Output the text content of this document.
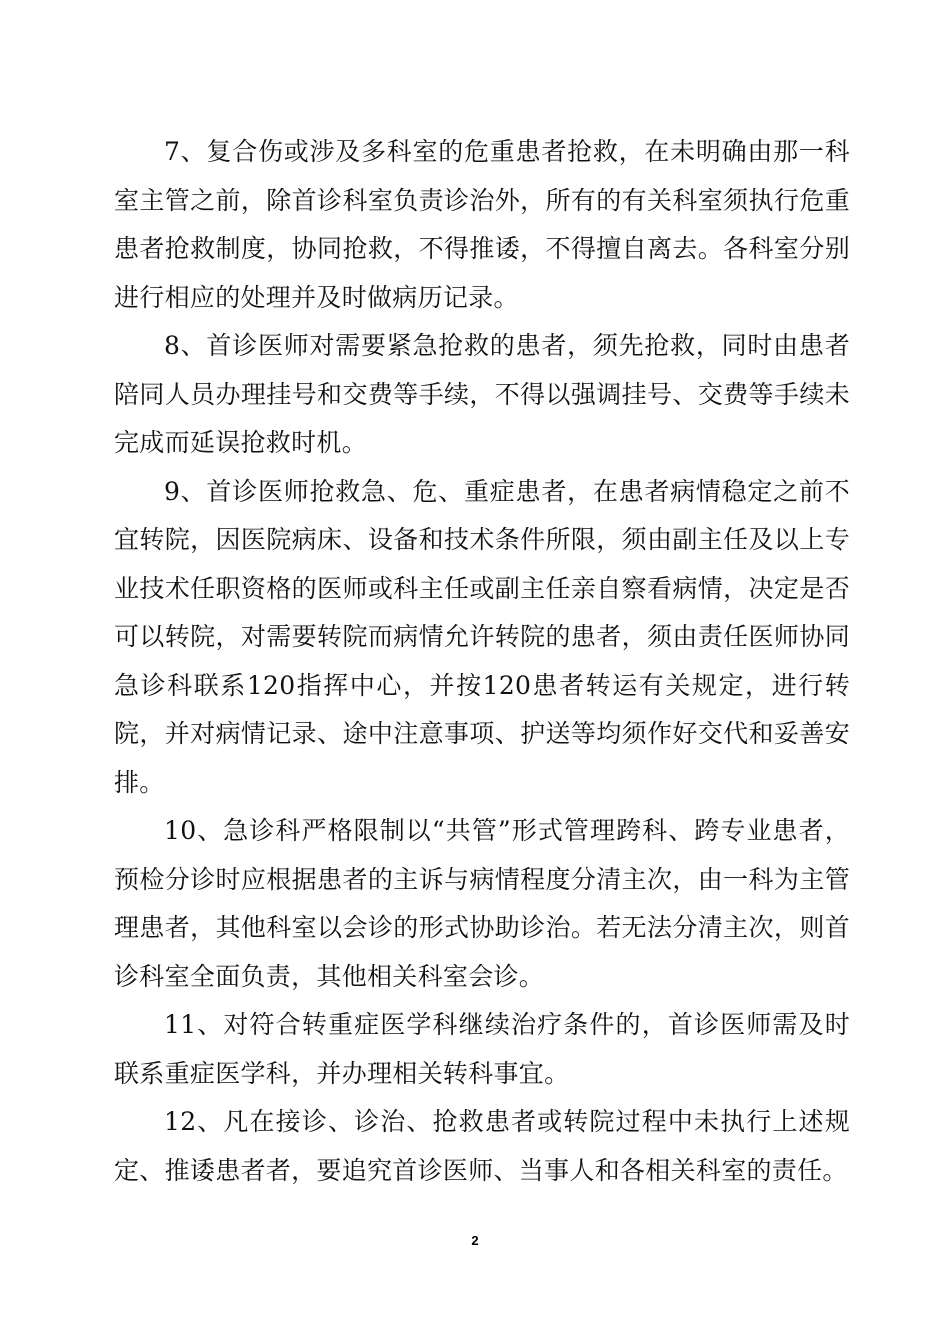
7、复合伤或涉及多科室的危重患者抢救，在未明确由那一科室主管之前，除首诊科室负责诊治外，所有的有关科室须执行危重患者抢救制度，协同抢救，不得推诿，不得擅自离去。各科室分别进行相应的处理并及时做病历记录。

8、首诊医师对需要紧急抢救的患者，须先抢救，同时由患者陪同人员办理挂号和交费等手续，不得以强调挂号、交费等手续未完成而延误抢救时机。

9、首诊医师抢救急、危、重症患者，在患者病情稳定之前不宜转院，因医院病床、设备和技术条件所限，须由副主任及以上专业技术任职资格的医师或科主任或副主任亲自察看病情，决定是否可以转院，对需要转院而病情允许转院的患者，须由责任医师协同急诊科联系120指挥中心，并按120患者转运有关规定，进行转院，并对病情记录、途中注意事项、护送等均须作好交代和妥善安排。

10、急诊科严格限制以“共管”形式管理跨科、跨专业患者，预检分诊时应根据患者的主诉与病情程度分清主次，由一科为主管理患者，其他科室以会诊的形式协助诊治。若无法分清主次，则首诊科室全面负责，其他相关科室会诊。

11、对符合转重症医学科继续治疗条件的，首诊医师需及时联系重症医学科，并办理相关转科事宜。

12、凡在接诊、诊治、抢救患者或转院过程中未执行上述规定、推诿患者者，要追究首诊医师、当事人和各相关科室的责任。

2
